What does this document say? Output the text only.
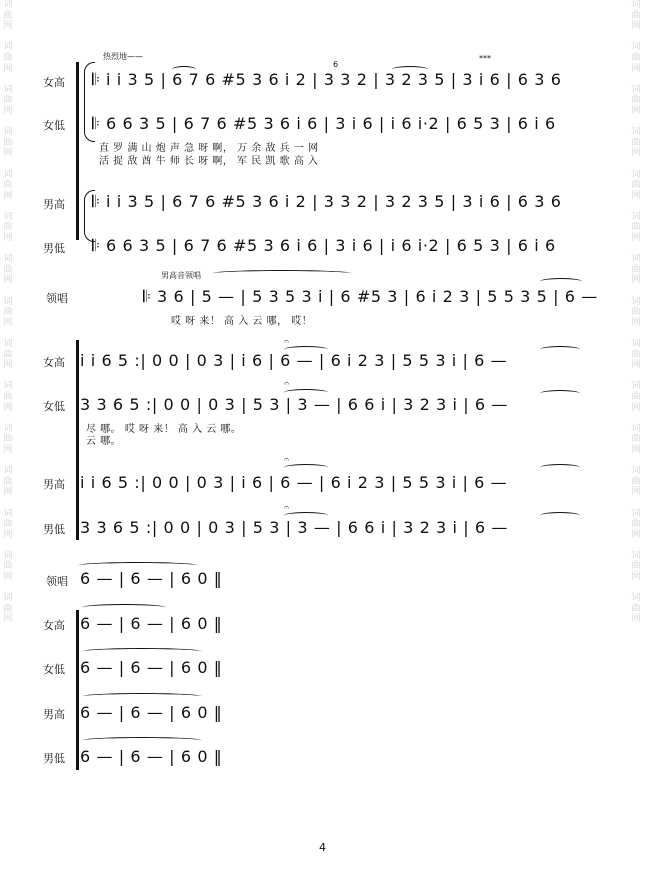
词
曲
网

词
曲
网

词
曲
网

词
曲
网

词
曲
网

词
曲
网

词
曲
网

词
曲
网

词
曲
网

词
曲
网

词
曲
网

词
曲
网

词
曲
网

词
曲
网

词
曲
网
词
曲
网

词
曲
网

词
曲
网

词
曲
网

词
曲
网

词
曲
网

词
曲
网

词
曲
网

词
曲
网

词
曲
网

词
曲
网

词
曲
网

词
曲
网

词
曲
网

词
曲
网
热烈地——
6
***
女高 𝄆 i i 3 5 | 6 7 6 #5 3 6 i 2 | 3 3 2 | 3 2 3 5 | 3 i 6 | 6 3 6
女低 𝄆 6 6 3 5 | 6 7 6 #5 3 6 i 6 | 3 i 6 | i 6 i·2 | 6 5 3 | 6 i 6
直 罗 满 山 炮 声 急 呀 啊， 万 余 敌 兵 一 网
活 捉 敌 酋 牛 师 长 呀 啊， 军 民 凯 歌 高 入
男高 𝄆 i i 3 5 | 6 7 6 #5 3 6 i 2 | 3 3 2 | 3 2 3 5 | 3 i 6 | 6 3 6
男低 𝄆 6 6 3 5 | 6 7 6 #5 3 6 i 6 | 3 i 6 | i 6 i·2 | 6 5 3 | 6 i 6
男高音领唱
领唱	𝄆 3 6 | 5 — | 5 3 5 3 i | 6 #5 3 | 6 i 2 3 | 5 5 3 5 | 6 —
哎 呀 来！ 高 入 云 哪， 哎！
𝄐
女高 i i 6 5 :| 0 0 | 0 3 | i 6 | 6 — | 6 i 2 3 | 5 5 3 i | 6 —
𝄐
女低 3 3 6 5 :| 0 0 | 0 3 | 5 3 | 3 — | 6 6 i | 3 2 3 i | 6 —
尽 哪。 哎 呀 来！ 高 入 云 哪。
云 哪。
𝄐
男高 i i 6 5 :| 0 0 | 0 3 | i 6 | 6 — | 6 i 2 3 | 5 5 3 i | 6 —
𝄐
男低 3 3 6 5 :| 0 0 | 0 3 | 5 3 | 3 — | 6 6 i | 3 2 3 i | 6 —
领唱 6 — | 6 — | 6 0 ‖
女高 6 — | 6 — | 6 0 ‖
女低 6 — | 6 — | 6 0 ‖
男高 6 — | 6 — | 6 0 ‖
男低 6 — | 6 — | 6 0 ‖
4
